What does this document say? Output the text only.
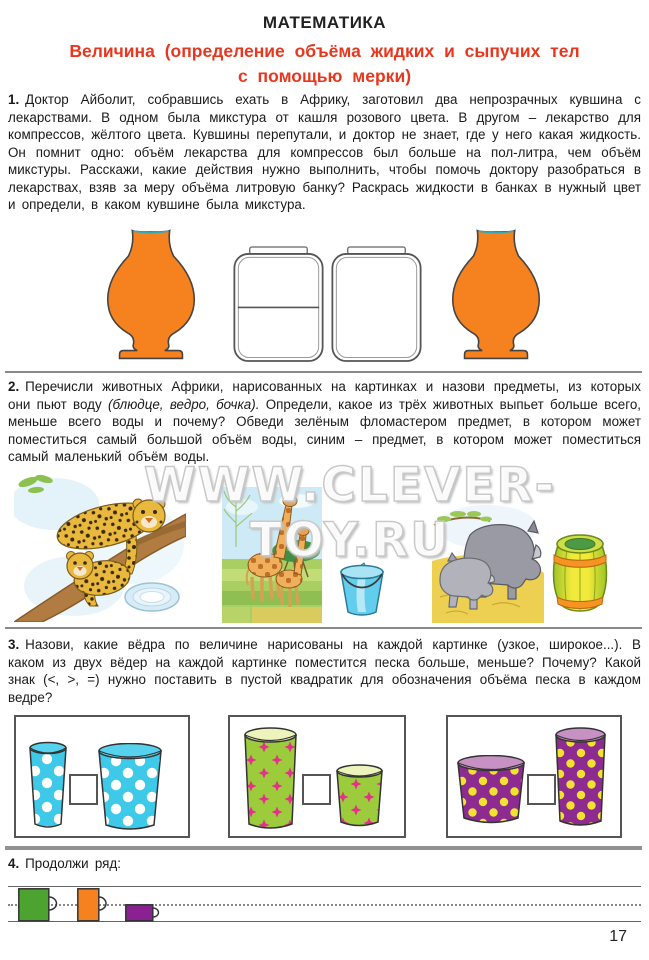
МАТЕМАТИКА
Величина (определение объёма жидких и сыпучих тел
с помощью мерки)
1. Доктор Айболит, собравшись ехать в Африку, заготовил два непрозрачных кувшина с лекарствами. В одном была микстура от кашля розового цвета. В другом – лекарство для компрессов, жёлтого цвета. Кувшины перепутали, и доктор не знает, где у него какая жидкость. Он помнит одно: объём лекарства для компрессов был больше на пол-литра, чем объём микстуры. Расскажи, какие действия нужно выполнить, чтобы помочь доктору разобраться в лекарствах, взяв за меру объёма литровую банку? Раскрась жидкости в банках в нужный цвет и определи, в каком кувшине была микстура.
2. Перечисли животных Африки, нарисованных на картинках и назови предметы, из которых они пьют воду (блюдце, ведро, бочка). Определи, какое из трёх животных выпьет больше всего, меньше всего воды и почему? Обведи зелёным фломастером предмет, в котором может поместиться самый большой объём воды, синим – предмет, в котором может поместиться самый маленький объём воды.
WWW.CLEVER-TOY.RU
3. Назови, какие вёдра по величине нарисованы на каждой картинке (узкое, широкое...). В каком из двух вёдер на каждой картинке поместится песка больше, меньше? Почему? Какой знак (<, >, =) нужно поставить в пустой квадратик для обозначения объёма песка в каждом ведре?
4. Продолжи ряд:
17
